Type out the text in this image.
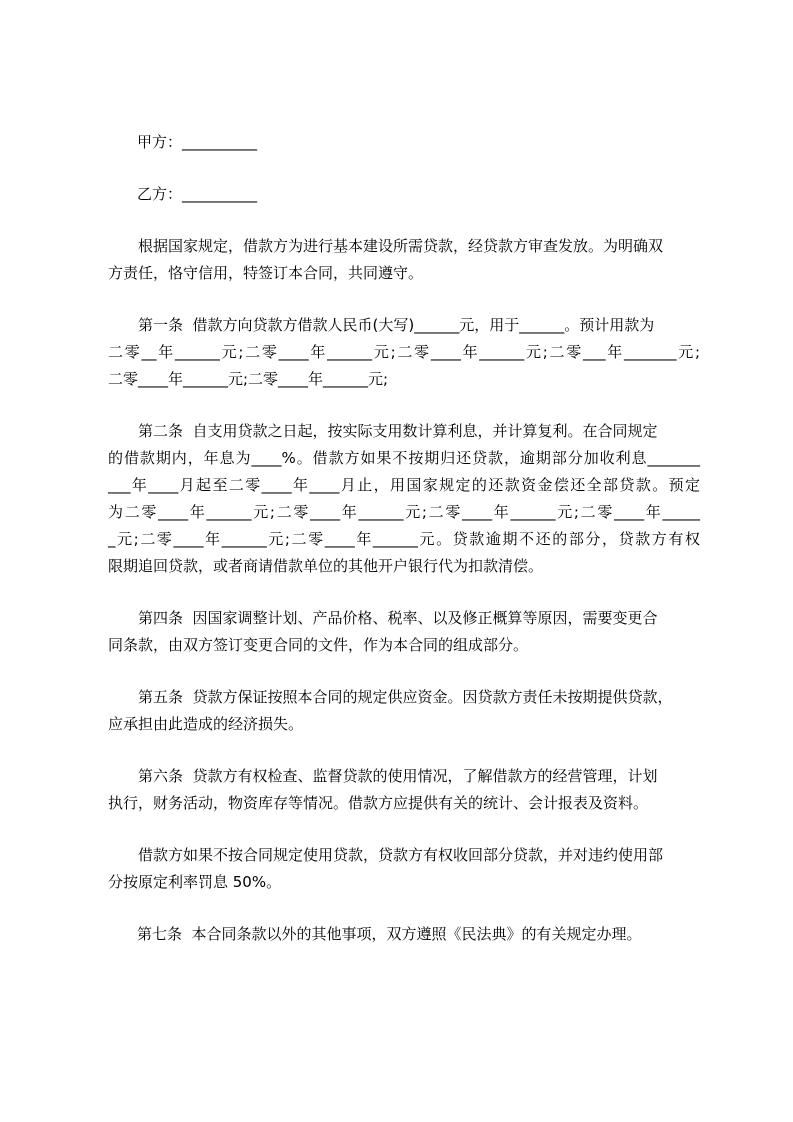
甲方：__________
乙方：__________
根据国家规定，借款方为进行基本建设所需贷款，经贷款方审查发放。为明确双
方责任，恪守信用，特签订本合同，共同遵守。
第一条  借款方向贷款方借款人民币(大写)______元，用于______。预计用款为
二零__年______元;二零____年______元;二零____年______元;二零___年_______元;
二零____年______元;二零____年______元;
第二条  自支用贷款之日起，按实际支用数计算利息，并计算复利。在合同规定
的借款期内，年息为____%。借款方如果不按期归还贷款，逾期部分加收利息_______
___年____月起至二零____年____月止，用国家规定的还款资金偿还全部贷款。预定
为二零____年______元;二零____年______元;二零____年______元;二零____年_____
_元;二零____年______元;二零____年______元。贷款逾期不还的部分，贷款方有权
限期追回贷款，或者商请借款单位的其他开户银行代为扣款清偿。
第四条  因国家调整计划、产品价格、税率、以及修正概算等原因，需要变更合
同条款，由双方签订变更合同的文件，作为本合同的组成部分。
第五条  贷款方保证按照本合同的规定供应资金。因贷款方责任未按期提供贷款，
应承担由此造成的经济损失。
第六条  贷款方有权检查、监督贷款的使用情况，了解借款方的经营管理，计划
执行，财务活动，物资库存等情况。借款方应提供有关的统计、会计报表及资料。
借款方如果不按合同规定使用贷款，贷款方有权收回部分贷款，并对违约使用部
分按原定利率罚息 50%。
第七条  本合同条款以外的其他事项，双方遵照《民法典》的有关规定办理。
